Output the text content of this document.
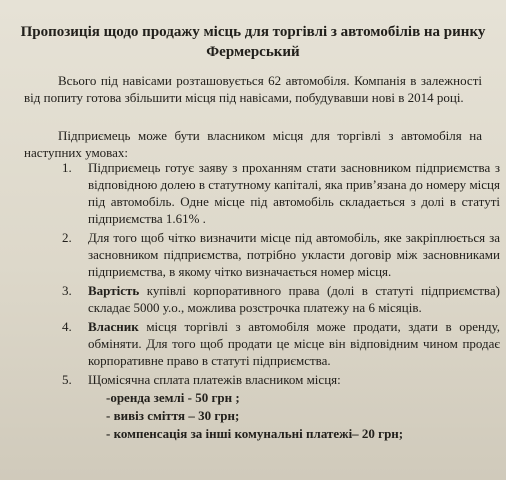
Пропозиція щодо продажу місць для торгівлі з автомобілів на ринку Фермерський

Всього під навісами розташовується 62 автомобіля. Компанія в залежності від попиту готова збільшити місця під навісами, побудувавши нові в 2014 році.

Підприємець може бути власником місця для торгівлі з автомобіля на наступних умовах:

1. Підприємець готує заяву з проханням стати засновником підприємства з відповідною долею в статутному капіталі, яка прив’язана до номеру місця під автомобіль. Одне місце під автомобіль складається з долі в статуті підприємства 1.61% .
2. Для того щоб чітко визначити місце під автомобіль, яке закріплюється за засновником підприємства, потрібно укласти договір між засновниками підприємства, в якому чітко визначається номер місця.
3. Вартість купівлі корпоративного права (долі в статуті підприємства) складає 5000 у.о., можлива розстрочка платежу на 6 місяців.
4. Власник місця торгівлі з автомобіля може продати, здати в оренду, обміняти. Для того щоб продати це місце він відповідним чином продає корпоративне право в статуті підприємства.
5. Щомісячна сплата платежів власником місця:
-оренда землі - 50 грн ;
- вивіз сміття – 30 грн;
- компенсація за інші комунальні платежі– 20 грн;
